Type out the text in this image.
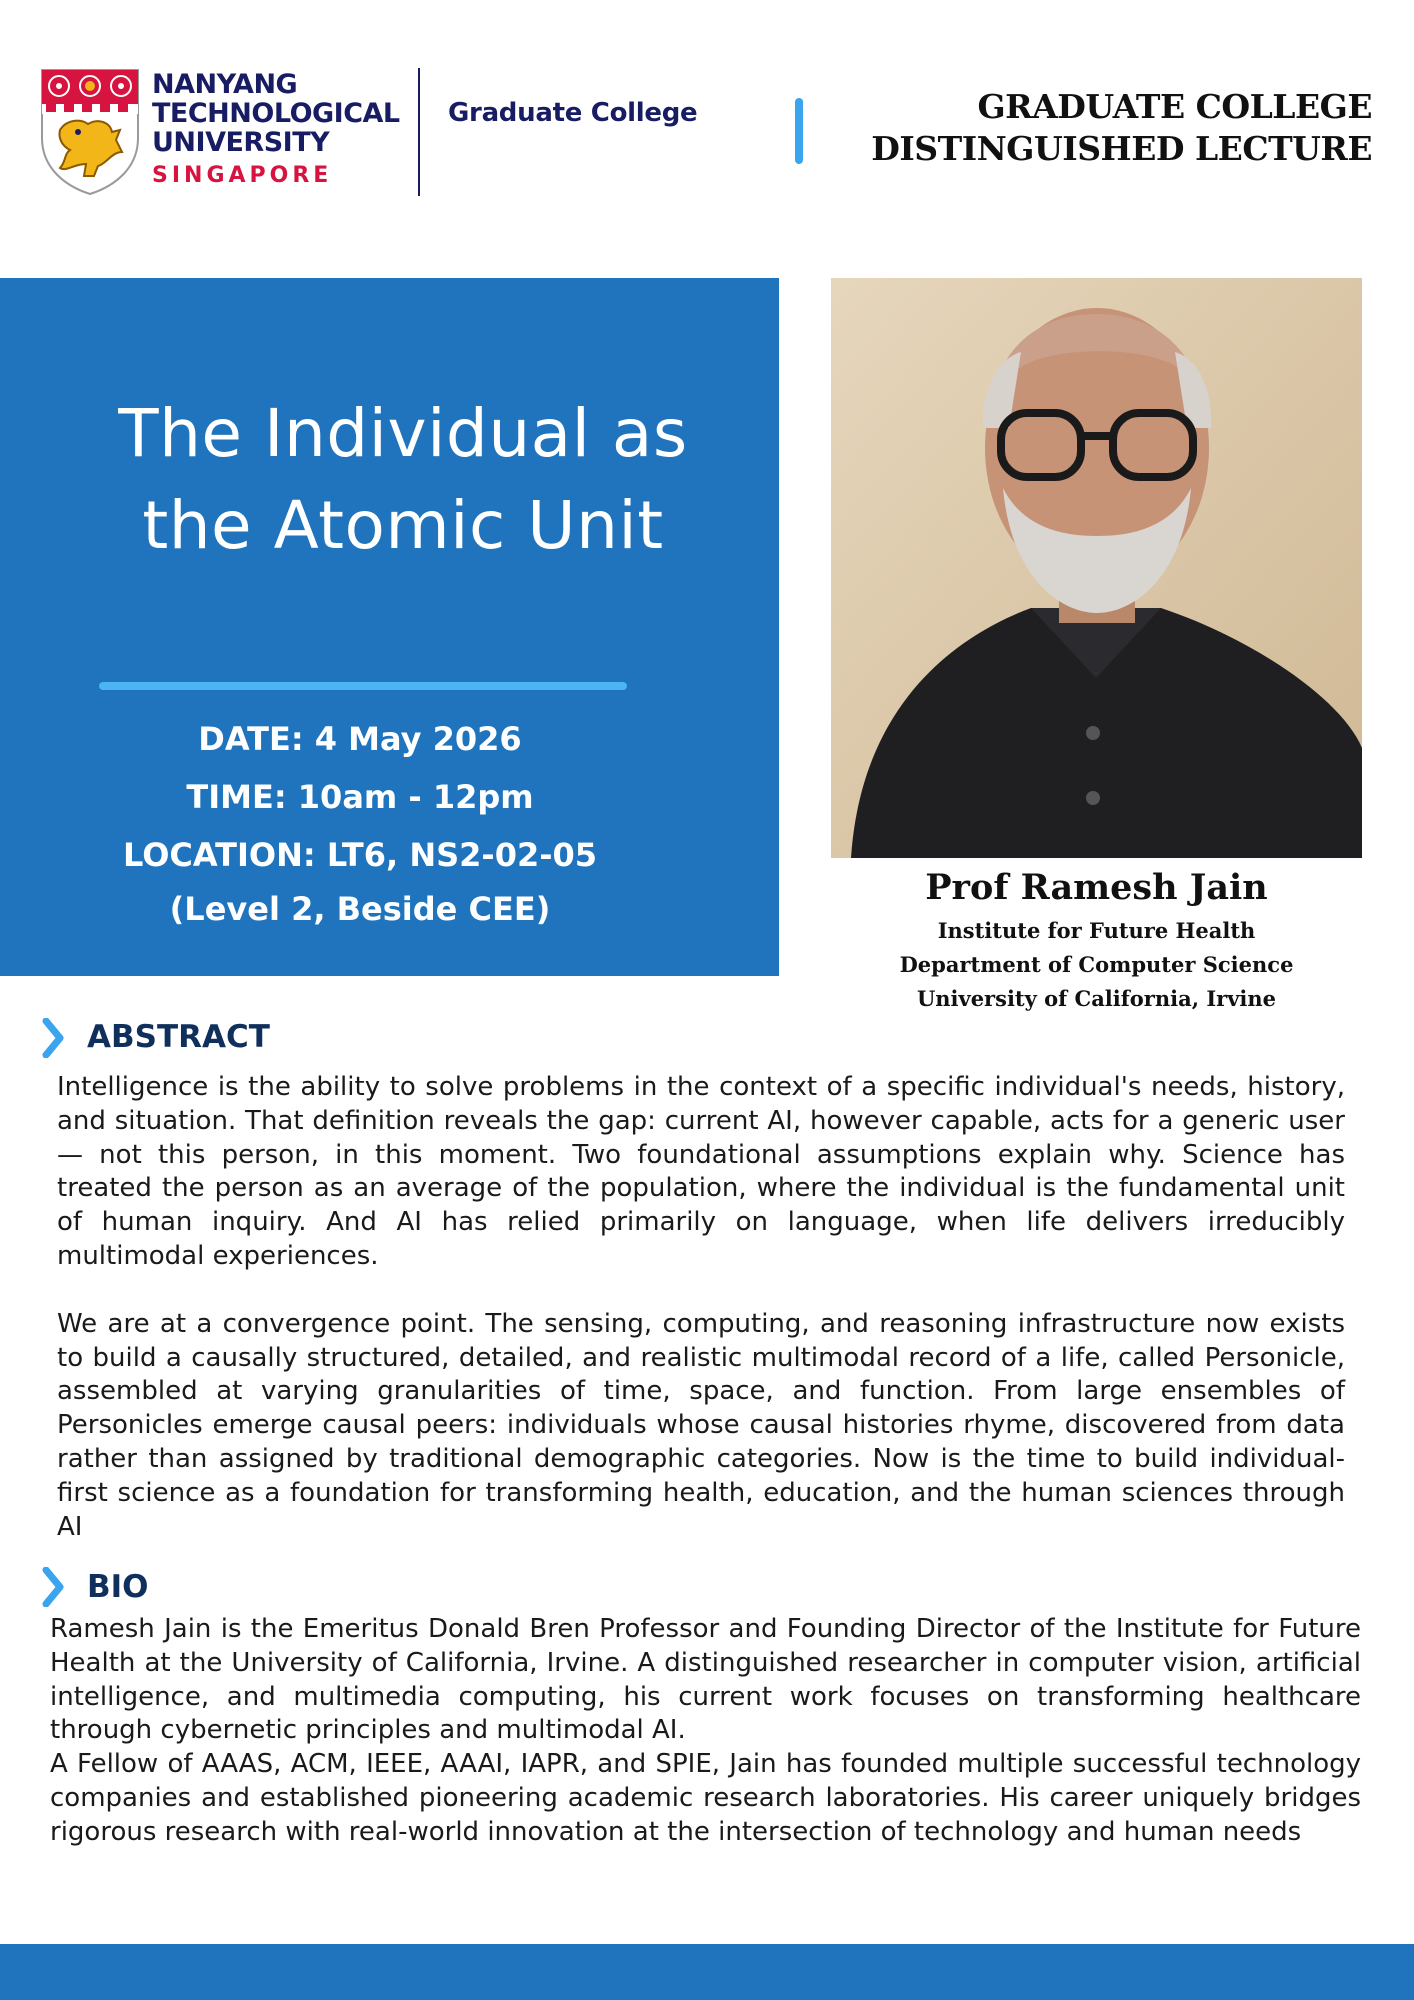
NANYANG
TECHNOLOGICAL
UNIVERSITY
SINGAPORE
Graduate College	GRADUATE COLLEGE
DISTINGUISHED LECTURE
The Individual as
the Atomic Unit
DATE: 4 May 2026
TIME: 10am - 12pm
LOCATION: LT6, NS2-02-05
(Level 2, Beside CEE)
Prof Ramesh Jain
Institute for Future Health
Department of Computer Science
University of California, Irvine
ABSTRACT

Intelligence is the ability to solve problems in the context of a specific individual's needs, history, and situation. That definition reveals the gap: current AI, however capable, acts for a generic user — not this person, in this moment. Two foundational assumptions explain why. Science has treated the person as an average of the population, where the individual is the fundamental unit of human inquiry. And AI has relied primarily on language, when life delivers irreducibly multimodal experiences.

We are at a convergence point. The sensing, computing, and reasoning infrastructure now exists to build a causally structured, detailed, and realistic multimodal record of a life, called Personicle, assembled at varying granularities of time, space, and function. From large ensembles of Personicles emerge causal peers: individuals whose causal histories rhyme, discovered from data rather than assigned by traditional demographic categories. Now is the time to build individual-first science as a foundation for transforming health, education, and the human sciences through AI

BIO

Ramesh Jain is the Emeritus Donald Bren Professor and Founding Director of the Institute for Future Health at the University of California, Irvine. A distinguished researcher in computer vision, artificial intelligence, and multimedia computing, his current work focuses on transforming healthcare through cybernetic principles and multimodal AI.

A Fellow of AAAS, ACM, IEEE, AAAI, IAPR, and SPIE, Jain has founded multiple successful technology companies and established pioneering academic research laboratories. His career uniquely bridges rigorous research with real-world innovation at the intersection of technology and human needs
